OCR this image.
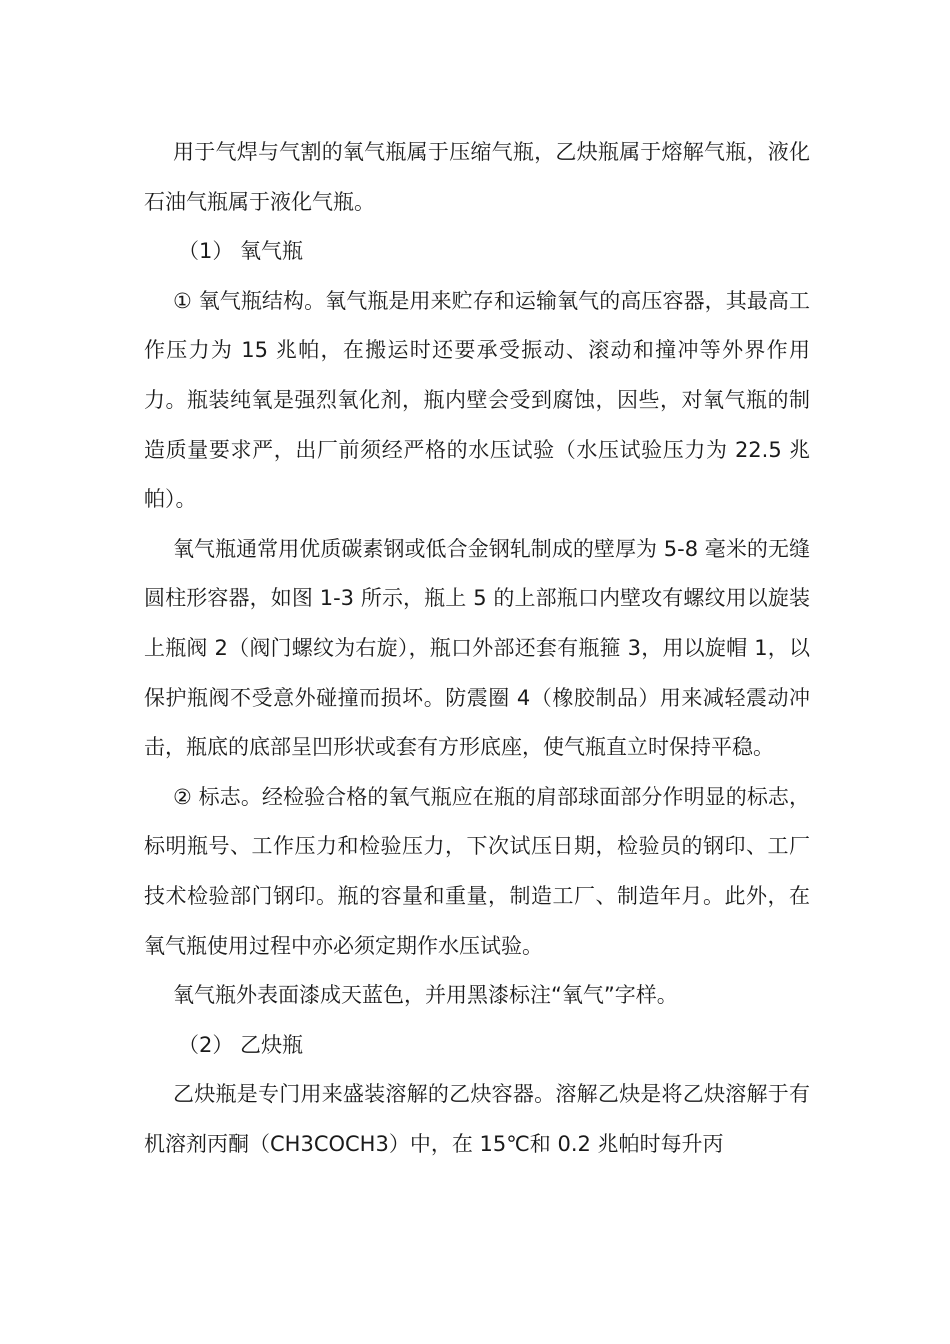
用于气焊与气割的氧气瓶属于压缩气瓶，乙炔瓶属于熔解气瓶，液化石油气瓶属于液化气瓶。

（1） 氧气瓶

① 氧气瓶结构。氧气瓶是用来贮存和运输氧气的高压容器，其最高工作压力为 15 兆帕，在搬运时还要承受振动、滚动和撞冲等外界作用力。瓶装纯氧是强烈氧化剂，瓶内壁会受到腐蚀，因些，对氧气瓶的制造质量要求严，出厂前须经严格的水压试验（水压试验压力为 22.5 兆帕）。

氧气瓶通常用优质碳素钢或低合金钢轧制成的壁厚为 5-8 毫米的无缝圆柱形容器，如图 1-3 所示，瓶上 5 的上部瓶口内壁攻有螺纹用以旋装上瓶阀 2（阀门螺纹为右旋），瓶口外部还套有瓶箍 3，用以旋帽 1，以保护瓶阀不受意外碰撞而损坏。防震圈 4（橡胶制品）用来减轻震动冲击，瓶底的底部呈凹形状或套有方形底座，使气瓶直立时保持平稳。

② 标志。经检验合格的氧气瓶应在瓶的肩部球面部分作明显的标志，标明瓶号、工作压力和检验压力，下次试压日期，检验员的钢印、工厂技术检验部门钢印。瓶的容量和重量，制造工厂、制造年月。此外，在氧气瓶使用过程中亦必须定期作水压试验。

氧气瓶外表面漆成天蓝色，并用黑漆标注“氧气”字样。

（2） 乙炔瓶

乙炔瓶是专门用来盛装溶解的乙炔容器。溶解乙炔是将乙炔溶解于有机溶剂丙酮（CH3COCH3）中，在 15℃和 0.2 兆帕时每升丙
